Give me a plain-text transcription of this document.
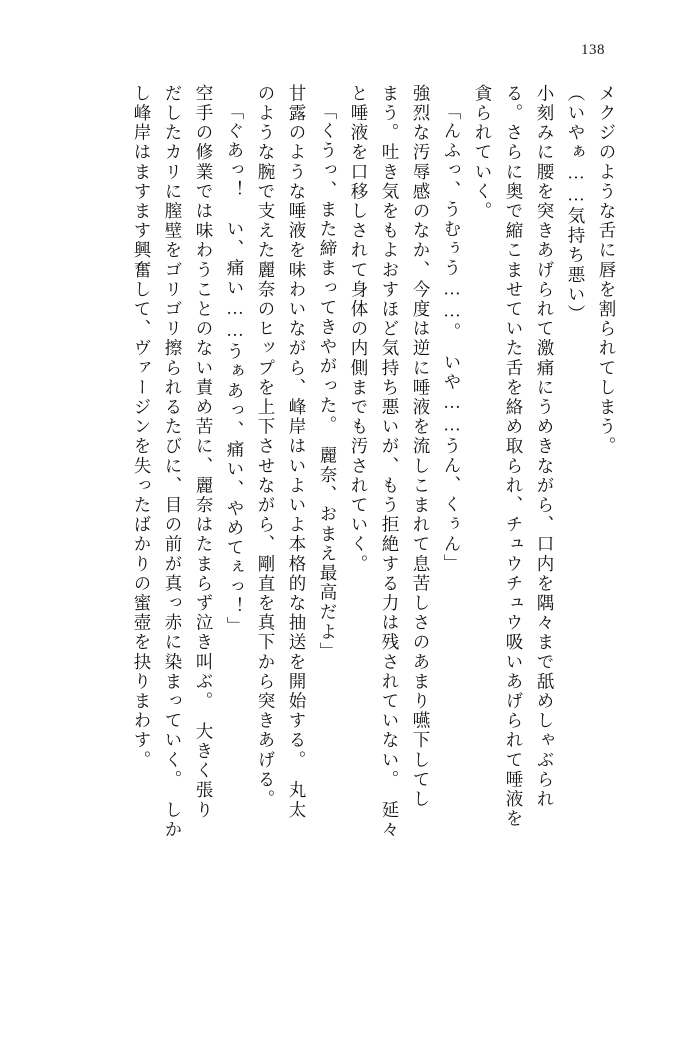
138
メクジのような舌に唇を割られてしまう。
（いやぁ……気持ち悪い）
小刻みに腰を突きあげられて激痛にうめきながら、口内を隅々まで舐めしゃぶられ
る。さらに奥で縮こませていた舌を絡め取られ、チュウチュウ吸いあげられて唾液を
貪られていく。
「んふっ、うむぅう……。　いや……うん、くぅん」
強烈な汚辱感のなか、今度は逆に唾液を流しこまれて息苦しさのあまり嚥下してし
まう。吐き気をもよおすほど気持ち悪いが、もう拒絶する力は残されていない。　延々
と唾液を口移しされて身体の内側までも汚されていく。
「くうっ、また締まってきやがった。　麗奈、おまえ最高だよ」
甘露のような唾液を味わいながら、峰岸はいよいよ本格的な抽送を開始する。　丸太
のような腕で支えた麗奈のヒップを上下させながら、剛直を真下から突きあげる。
「ぐあっ！　い、痛い……うぁあっ、痛い、やめてぇっ！」
空手の修業では味わうことのない責め苦に、麗奈はたまらず泣き叫ぶ。　大きく張り
だしたカリに膣壁をゴリゴリ擦られるたびに、目の前が真っ赤に染まっていく。　しか
し峰岸はますます興奮して、ヴァージンを失ったばかりの蜜壺を抉りまわす。
